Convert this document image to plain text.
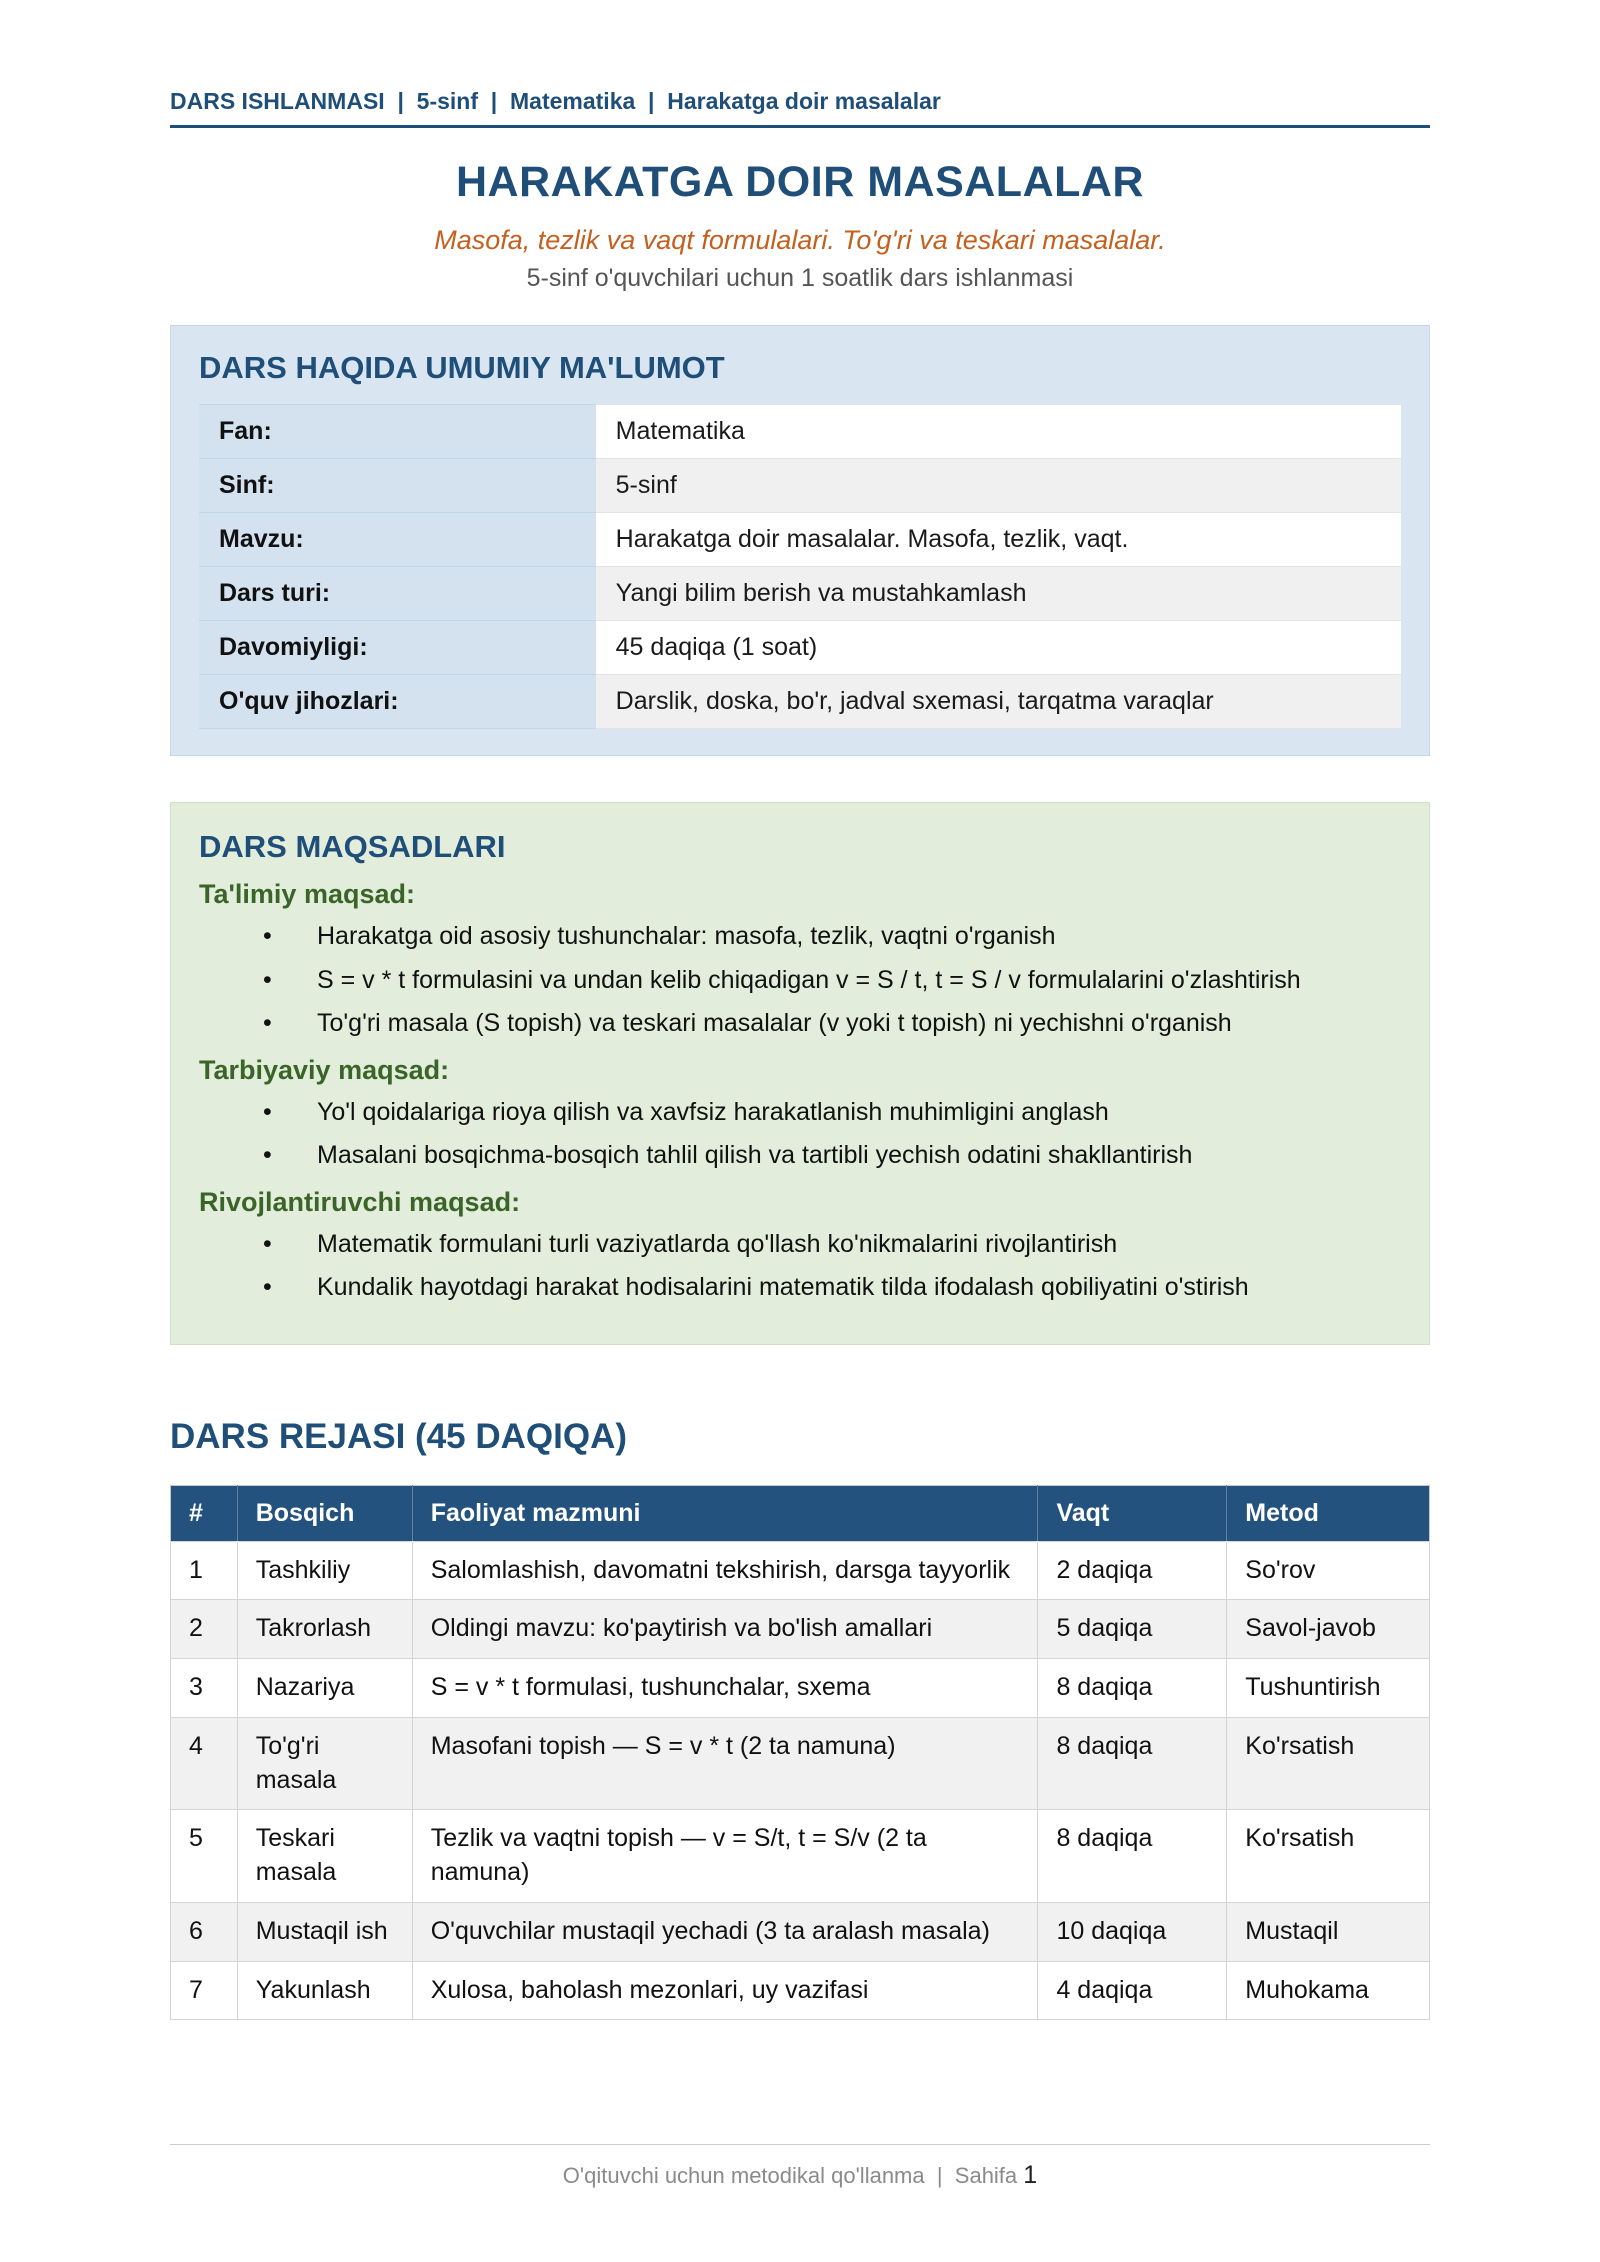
DARS ISHLANMASI  |  5-sinf  |  Matematika  |  Harakatga doir masalalar
HARAKATGA DOIR MASALALAR
Masofa, tezlik va vaqt formulalari. To'g'ri va teskari masalalar.
5-sinf o'quvchilari uchun 1 soatlik dars ishlanmasi
DARS HAQIDA UMUMIY MA'LUMOT
Fan:	Matematika
Sinf:	5-sinf
Mavzu:	Harakatga doir masalalar. Masofa, tezlik, vaqt.
Dars turi:	Yangi bilim berish va mustahkamlash
Davomiyligi:	45 daqiqa (1 soat)
O'quv jihozlari:	Darslik, doska, bo'r, jadval sxemasi, tarqatma varaqlar
DARS MAQSADLARI
Ta'limiy maqsad:
• Harakatga oid asosiy tushunchalar: masofa, tezlik, vaqtni o'rganish
• S = v * t formulasini va undan kelib chiqadigan v = S / t, t = S / v formulalarini o'zlashtirish
• To'g'ri masala (S topish) va teskari masalalar (v yoki t topish) ni yechishni o'rganish
Tarbiyaviy maqsad:
• Yo'l qoidalariga rioya qilish va xavfsiz harakatlanish muhimligini anglash
• Masalani bosqichma-bosqich tahlil qilish va tartibli yechish odatini shakllantirish
Rivojlantiruvchi maqsad:
• Matematik formulani turli vaziyatlarda qo'llash ko'nikmalarini rivojlantirish
• Kundalik hayotdagi harakat hodisalarini matematik tilda ifodalash qobiliyatini o'stirish
DARS REJASI (45 DAQIQA)
#	Bosqich	Faoliyat mazmuni	Vaqt	Metod
1	Tashkiliy	Salomlashish, davomatni tekshirish, darsga tayyorlik	2 daqiqa	So'rov
2	Takrorlash	Oldingi mavzu: ko'paytirish va bo'lish amallari	5 daqiqa	Savol-javob
3	Nazariya	S = v * t formulasi, tushunchalar, sxema	8 daqiqa	Tushuntirish
4	To'g'ri masala	Masofani topish — S = v * t (2 ta namuna)	8 daqiqa	Ko'rsatish
5	Teskari masala	Tezlik va vaqtni topish — v = S/t, t = S/v (2 ta namuna)	8 daqiqa	Ko'rsatish
6	Mustaqil ish	O'quvchilar mustaqil yechadi (3 ta aralash masala)	10 daqiqa	Mustaqil
7	Yakunlash	Xulosa, baholash mezonlari, uy vazifasi	4 daqiqa	Muhokama
O'qituvchi uchun metodikal qo'llanma  |  Sahifa 1
